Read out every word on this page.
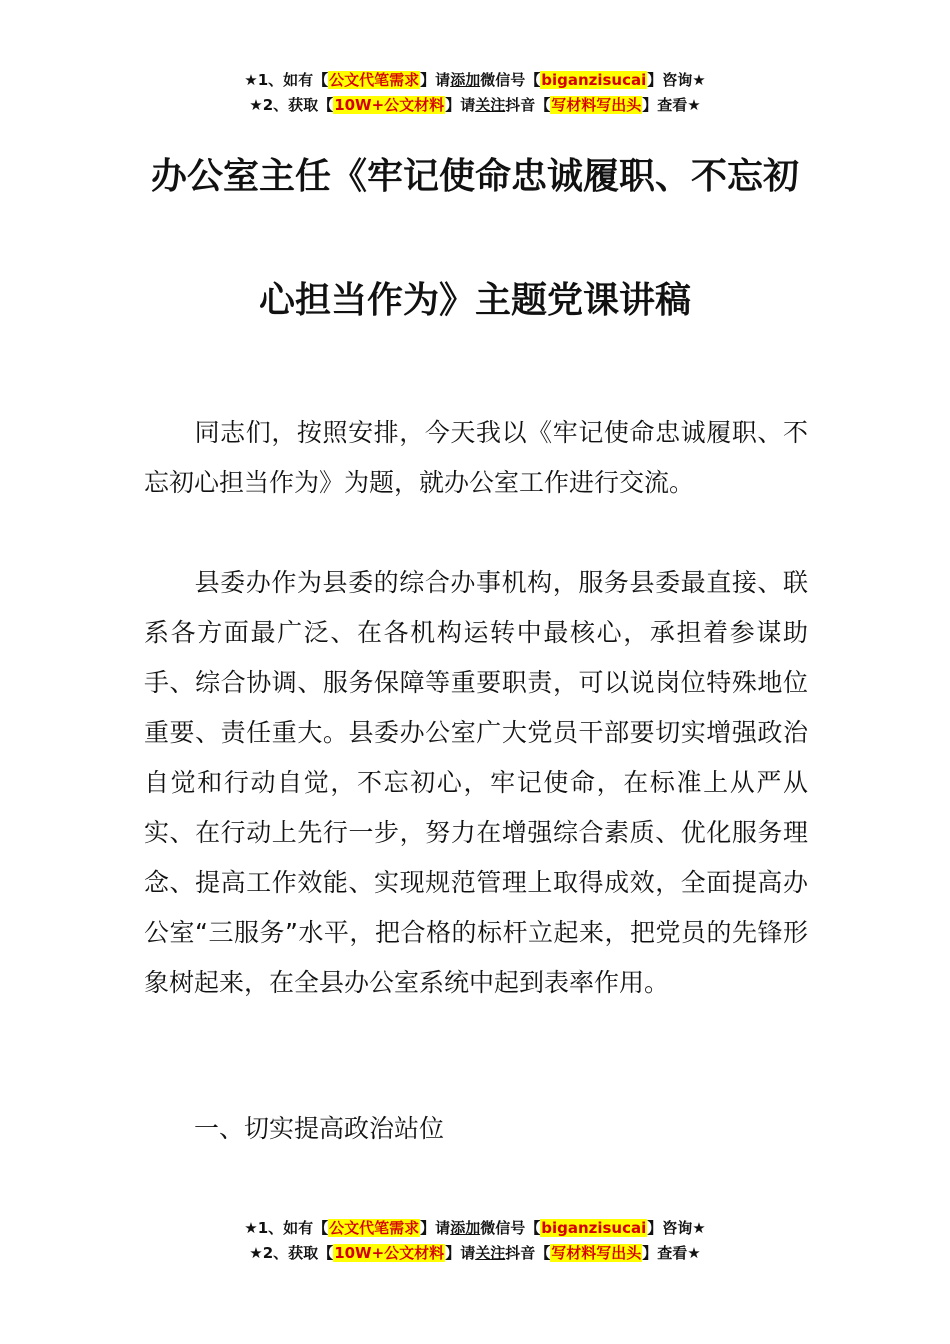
★1、如有【公文代笔需求】请添加微信号【biganzisucai】咨询★
★2、获取【10W+公文材料】请关注抖音【写材料写出头】查看★
办公室主任《牢记使命忠诚履职、不忘初
心担当作为》主题党课讲稿

同志们，按照安排，今天我以《牢记使命忠诚履职、不忘初心担当作为》为题，就办公室工作进行交流。

县委办作为县委的综合办事机构，服务县委最直接、联系各方面最广泛、在各机构运转中最核心，承担着参谋助手、综合协调、服务保障等重要职责，可以说岗位特殊地位重要、责任重大。县委办公室广大党员干部要切实增强政治自觉和行动自觉，不忘初心，牢记使命，在标准上从严从实、在行动上先行一步，努力在增强综合素质、优化服务理念、提高工作效能、实现规范管理上取得成效，全面提高办公室“三服务”水平，把合格的标杆立起来，把党员的先锋形象树起来，在全县办公室系统中起到表率作用。

一、切实提高政治站位

★1、如有【公文代笔需求】请添加微信号【biganzisucai】咨询★
★2、获取【10W+公文材料】请关注抖音【写材料写出头】查看★
